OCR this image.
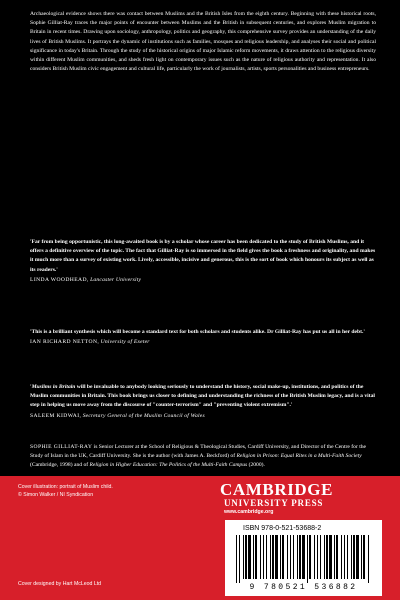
Archaeological evidence shows there was contact between Muslims and the British Isles from the eighth century. Beginning with these historical roots, Sophie Gilliat-Ray traces the major points of encounter between Muslims and the British in subsequent centuries, and explores Muslim migration to Britain in recent times. Drawing upon sociology, anthropology, politics and geography, this comprehensive survey provides an understanding of the daily lives of British Muslims. It portrays the dynamic of institutions such as families, mosques and religious leadership, and analyses their social and political significance in today's Britain. Through the study of the historical origins of major Islamic reform movements, it draws attention to the religious diversity within different Muslim communities, and sheds fresh light on contemporary issues such as the nature of religious authority and representation. It also considers British Muslim civic engagement and cultural life, particularly the work of journalists, artists, sports personalities and business entrepreneurs.
'Far from being opportunistic, this long-awaited book is by a scholar whose career has been dedicated to the study of British Muslims, and it offers a definitive overview of the topic. The fact that Gilliat-Ray is so immersed in the field gives the book a freshness and originality, and makes it much more than a survey of existing work. Lively, accessible, incisive and generous, this is the sort of book which honours its subject as well as its readers.'
LINDA WOODHEAD, Lancaster University
'This is a brilliant synthesis which will become a standard text for both scholars and students alike. Dr Gilliat-Ray has put us all in her debt.'
IAN RICHARD NETTON, University of Exeter
'Muslims in Britain will be invaluable to anybody looking seriously to understand the history, social make-up, institutions, and politics of the Muslim communities in Britain. This book brings us closer to defining and understanding the richness of the British Muslim legacy, and is a vital step in helping us move away from the discourse of "counter-terrorism" and "preventing violent extremism".'
SALEEM KIDWAI, Secretary General of the Muslim Council of Wales
SOPHIE GILLIAT-RAY is Senior Lecturer at the School of Religious & Theological Studies, Cardiff University, and Director of the Centre for the Study of Islam in the UK, Cardiff University. She is the author (with James A. Beckford) of Religion in Prison: Equal Rites in a Multi-Faith Society (Cambridge, 1998) and of Religion in Higher Education: The Politics of the Multi-Faith Campus (2000).
Cover illustration: portrait of Muslim child.
© Simon Walker / NI Syndication
Cover designed by Hart McLeod Ltd
CAMBRIDGE
UNIVERSITY PRESS
www.cambridge.org
ISBN 978-0-521-53688-2
9 780521 536882
